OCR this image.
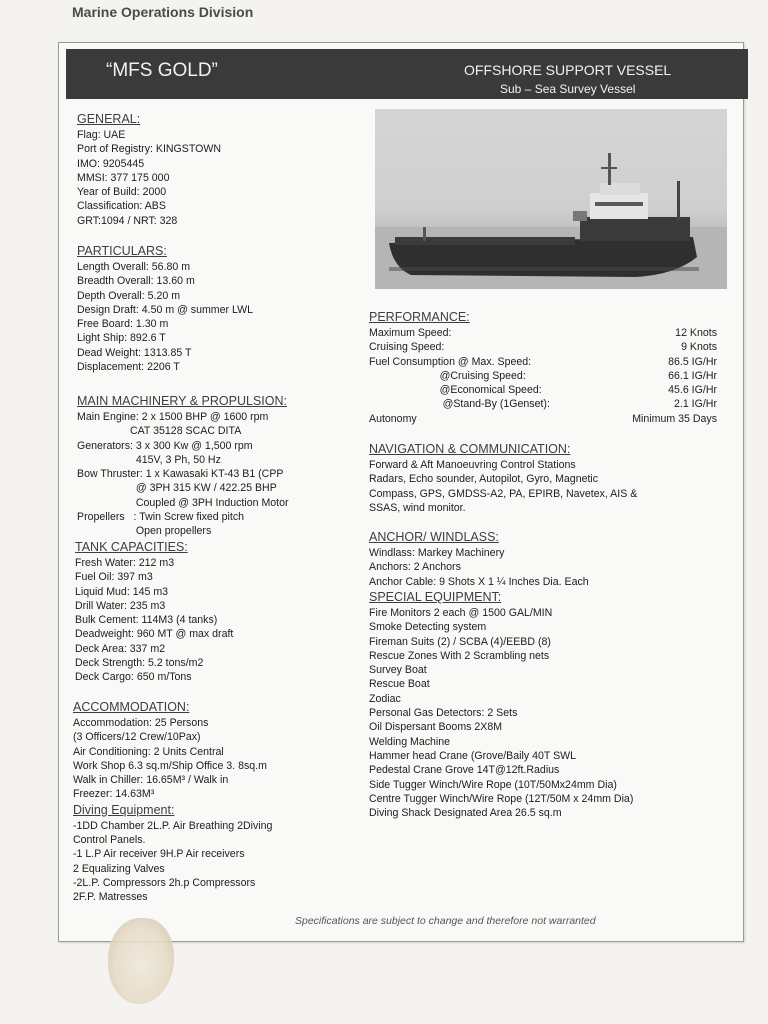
Marine Operations Division
“MFS GOLD”	OFFSHORE SUPPORT VESSEL
Sub – Sea Survey Vessel
GENERAL:
Flag: UAE
Port of Registry: KINGSTOWN
IMO: 9205445
MMSI: 377 175 000
Year of Build: 2000
Classification: ABS
GRT:1094 / NRT: 328
PARTICULARS:
Length Overall: 56.80 m
Breadth Overall: 13.60 m
Depth Overall: 5.20 m
Design Draft: 4.50 m @ summer LWL
Free Board: 1.30 m
Light Ship: 892.6 T
Dead Weight: 1313.85 T
Displacement: 2206 T
MAIN MACHINERY & PROPULSION:
Main Engine: 2 x 1500 BHP @ 1600 rpm
CAT 35128 SCAC DITA
Generators: 3 x 300 Kw @ 1,500 rpm
415V, 3 Ph, 50 Hz
Bow Thruster: 1 x Kawasaki KT-43 B1 (CPP
@ 3PH 315 KW / 422.25 BHP
Coupled @ 3PH Induction Motor
Propellers   : Twin Screw fixed pitch
Open propellers
TANK CAPACITIES:
Fresh Water: 212 m3
Fuel Oil: 397 m3
Liquid Mud: 145 m3
Drill Water: 235 m3
Bulk Cement: 114M3 (4 tanks)
Deadweight: 960 MT @ max draft
Deck Area: 337 m2
Deck Strength: 5.2 tons/m2
Deck Cargo: 650 m/Tons
ACCOMMODATION:
Accommodation: 25 Persons
(3 Officers/12 Crew/10Pax)
Air Conditioning: 2 Units Central
Work Shop 6.3 sq.m/Ship Office 3. 8sq.m
Walk in Chiller: 16.65M³ / Walk in
Freezer: 14.63M³
Diving Equipment:
-1DD Chamber 2L.P. Air Breathing 2Diving
Control Panels.
-1 L.P Air receiver 9H.P Air receivers
2 Equalizing Valves
-2L.P. Compressors 2h.p Compressors
2F.P. Matresses
PERFORMANCE:
Maximum Speed:	12 Knots
Cruising Speed:	9 Knots
Fuel Consumption @ Max. Speed:	86.5 IG/Hr
@Cruising Speed:	66.1 IG/Hr
@Economical Speed:	45.6 IG/Hr
@Stand-By (1Genset):	2.1 IG/Hr
Autonomy	Minimum 35 Days
NAVIGATION & COMMUNICATION:
Forward & Aft Manoeuvring Control Stations
Radars, Echo sounder, Autopilot, Gyro, Magnetic
Compass, GPS, GMDSS-A2, PA, EPIRB, Navetex, AIS &
SSAS, wind monitor.
ANCHOR/ WINDLASS:
Windlass: Markey Machinery
Anchors: 2 Anchors
Anchor Cable: 9 Shots X 1 ¼ Inches Dia. Each
SPECIAL EQUIPMENT:
Fire Monitors 2 each @ 1500 GAL/MIN
Smoke Detecting system
Fireman Suits (2) / SCBA (4)/EEBD (8)
Rescue Zones With 2 Scrambling nets
Survey Boat
Rescue Boat
Zodiac
Personal Gas Detectors: 2 Sets
Oil Dispersant Booms 2X8M
Welding Machine
Hammer head Crane (Grove/Baily 40T SWL
Pedestal Crane Grove 14T@12ft.Radius
Side Tugger Winch/Wire Rope (10T/50Mx24mm Dia)
Centre Tugger Winch/Wire Rope (12T/50M x 24mm Dia)
Diving Shack Designated Area 26.5 sq.m
Specifications are subject to change and therefore not warranted
